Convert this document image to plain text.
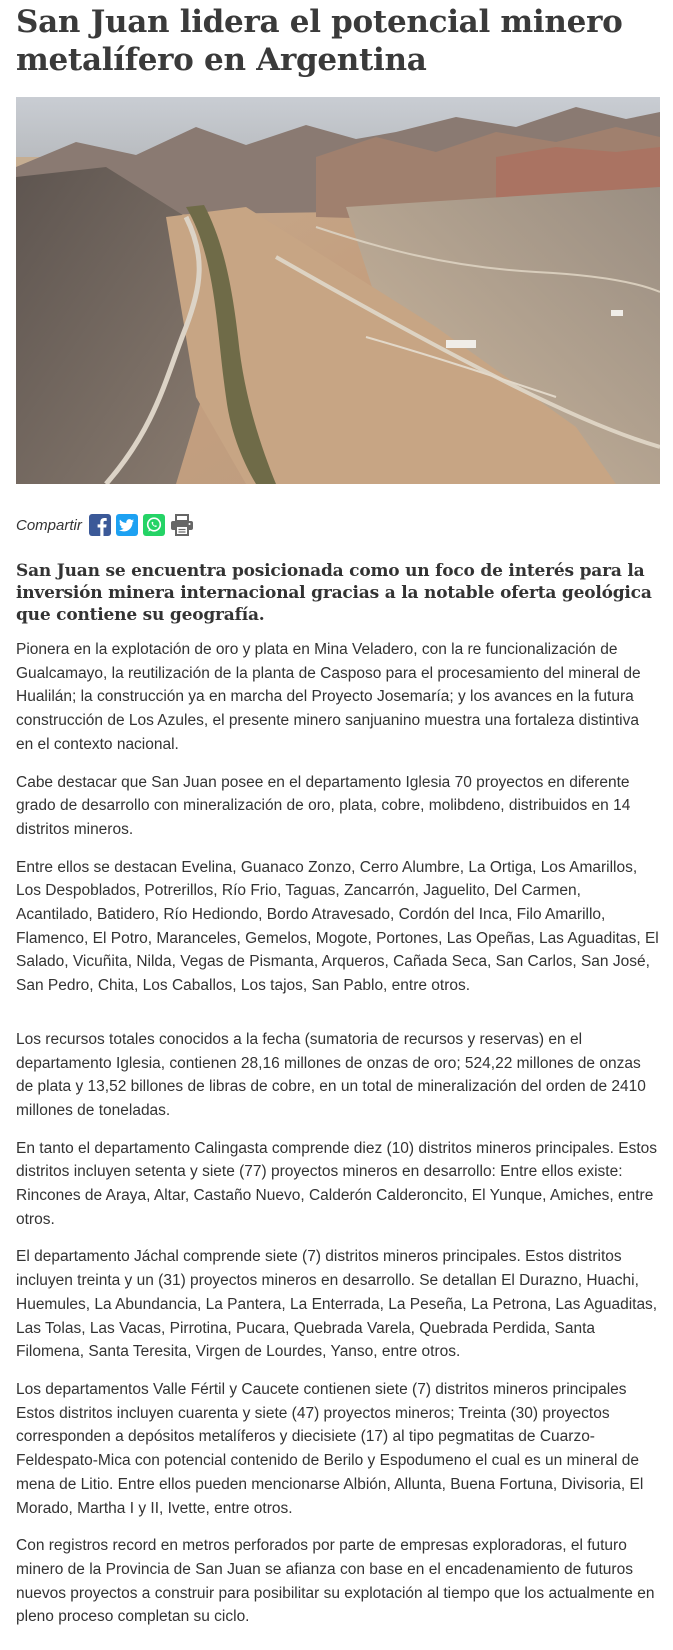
San Juan lidera el potencial minero metalífero en Argentina
Compartir

San Juan se encuentra posicionada como un foco de interés para la inversión minera internacional gracias a la notable oferta geológica que contiene su geografía.

Pionera en la explotación de oro y plata en Mina Veladero, con la re funcionalización de Gualcamayo, la reutilización de la planta de Casposo para el procesamiento del mineral de Hualilán; la construcción ya en marcha del Proyecto Josemaría; y los avances en la futura construcción de Los Azules, el presente minero sanjuanino muestra una fortaleza distintiva en el contexto nacional.

Cabe destacar que San Juan posee en el departamento Iglesia 70 proyectos en diferente grado de desarrollo con mineralización de oro, plata, cobre, molibdeno, distribuidos en 14 distritos mineros.

Entre ellos se destacan Evelina, Guanaco Zonzo, Cerro Alumbre, La Ortiga, Los Amarillos, Los Despoblados, Potrerillos, Río Frio, Taguas, Zancarrón, Jaguelito, Del Carmen, Acantilado, Batidero, Río Hediondo, Bordo Atravesado, Cordón del Inca, Filo Amarillo, Flamenco, El Potro, Maranceles, Gemelos, Mogote, Portones, Las Opeñas, Las Aguaditas, El Salado, Vicuñita, Nilda, Vegas de Pismanta, Arqueros, Cañada Seca, San Carlos, San José, San Pedro, Chita, Los Caballos, Los tajos, San Pablo, entre otros.

Los recursos totales conocidos a la fecha (sumatoria de recursos y reservas) en el departamento Iglesia, contienen 28,16 millones de onzas de oro; 524,22 millones de onzas de plata y 13,52 billones de libras de cobre, en un total de mineralización del orden de 2410 millones de toneladas.

En tanto el departamento Calingasta comprende diez (10) distritos mineros principales. Estos distritos incluyen setenta y siete (77) proyectos mineros en desarrollo: Entre ellos existe: Rincones de Araya, Altar, Castaño Nuevo, Calderón Calderoncito, El Yunque, Amiches, entre otros.

El departamento Jáchal comprende siete (7) distritos mineros principales. Estos distritos incluyen treinta y un (31) proyectos mineros en desarrollo. Se detallan El Durazno, Huachi, Huemules, La Abundancia, La Pantera, La Enterrada, La Peseña, La Petrona, Las Aguaditas, Las Tolas, Las Vacas, Pirrotina, Pucara, Quebrada Varela, Quebrada Perdida, Santa Filomena, Santa Teresita, Virgen de Lourdes, Yanso, entre otros.

Los departamentos Valle Fértil y Caucete contienen siete (7) distritos mineros principales Estos distritos incluyen cuarenta y siete (47) proyectos mineros; Treinta (30) proyectos corresponden a depósitos metalíferos y diecisiete (17) al tipo pegmatitas de Cuarzo-Feldespato-Mica con potencial contenido de Berilo y Espodumeno el cual es un mineral de mena de Litio. Entre ellos pueden mencionarse Albión, Allunta, Buena Fortuna, Divisoria, El Morado, Martha I y II, Ivette, entre otros.

Con registros record en metros perforados por parte de empresas exploradoras, el futuro minero de la Provincia de San Juan se afianza con base en el encadenamiento de futuros nuevos proyectos a construir para posibilitar su explotación al tiempo que los actualmente en pleno proceso completan su ciclo.
